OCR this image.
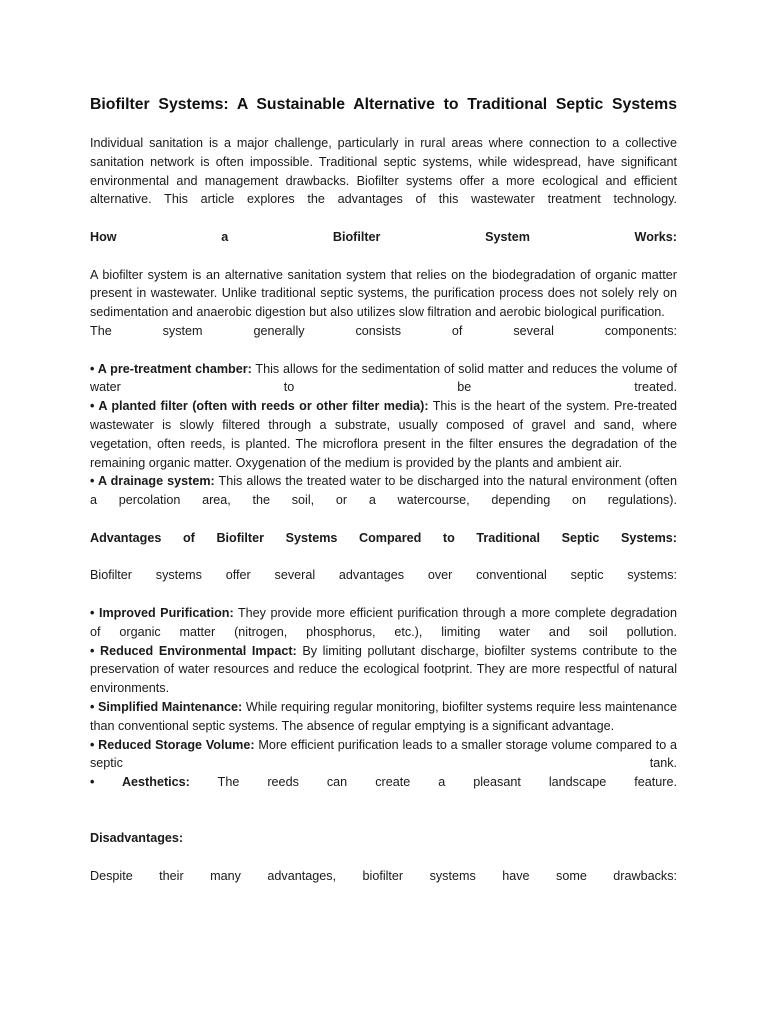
Biofilter Systems: A Sustainable Alternative to Traditional Septic Systems

Individual sanitation is a major challenge, particularly in rural areas where connection to a collective sanitation network is often impossible. Traditional septic systems, while widespread, have significant environmental and management drawbacks. Biofilter systems offer a more ecological and efficient alternative. This article explores the advantages of this wastewater treatment technology.

How a Biofilter System Works:

A biofilter system is an alternative sanitation system that relies on the biodegradation of organic matter present in wastewater. Unlike traditional septic systems, the purification process does not solely rely on sedimentation and anaerobic digestion but also utilizes slow filtration and aerobic biological purification.

The system generally consists of several components:

• A pre-treatment chamber: This allows for the sedimentation of solid matter and reduces the volume of water to be treated.

• A planted filter (often with reeds or other filter media): This is the heart of the system. Pre-treated wastewater is slowly filtered through a substrate, usually composed of gravel and sand, where vegetation, often reeds, is planted. The microflora present in the filter ensures the degradation of the remaining organic matter. Oxygenation of the medium is provided by the plants and ambient air.

• A drainage system: This allows the treated water to be discharged into the natural environment (often a percolation area, the soil, or a watercourse, depending on regulations).

Advantages of Biofilter Systems Compared to Traditional Septic Systems:

Biofilter systems offer several advantages over conventional septic systems:

• Improved Purification: They provide more efficient purification through a more complete degradation of organic matter (nitrogen, phosphorus, etc.), limiting water and soil pollution.

• Reduced Environmental Impact: By limiting pollutant discharge, biofilter systems contribute to the preservation of water resources and reduce the ecological footprint. They are more respectful of natural environments.

• Simplified Maintenance: While requiring regular monitoring, biofilter systems require less maintenance than conventional septic systems. The absence of regular emptying is a significant advantage.

• Reduced Storage Volume: More efficient purification leads to a smaller storage volume compared to a septic tank.

• Aesthetics: The reeds can create a pleasant landscape feature.

Disadvantages:

Despite their many advantages, biofilter systems have some drawbacks:
